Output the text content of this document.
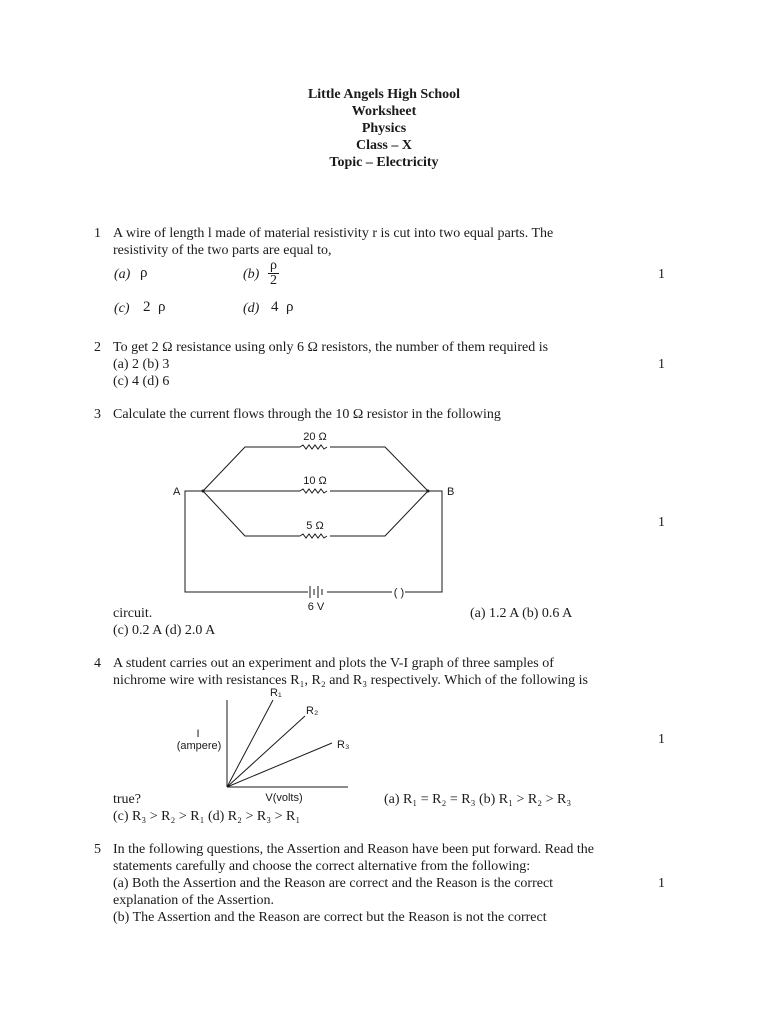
Little Angels High School
Worksheet
Physics
Class – X
Topic – Electricity
1 A wire of length l made of material resistivity r is cut into two equal parts. The
resistivity of the two parts are equal to,
(a) ρ	$(b) \frac{\rho}{2}$
(c) 2  ρ	(d) 4  ρ
1
2 To get 2 Ω resistance using only 6 Ω resistors, the number of them required is
(a) 2 (b) 3
(c) 4 (d) 6
1
3 Calculate the current flows through the 10 Ω resistor in the following
20 Ω
10 Ω
5 Ω
A	B
6 V
( )
circuit.	(a) 1.2 A (b) 0.6 A
(c) 0.2 A (d) 2.0 A
1
4 A student carries out an experiment and plots the V-I graph of three samples of
nichrome wire with resistances R₁, R₂ and R₃ respectively. Which of the following is
I
(ampere)
V(volts)
R₁
R₂
R₃
true?	(a) R₁ = R₂ = R₃ (b) R₁ > R₂ > R₃
(c) R₃ > R₂ > R₁ (d) R₂ > R₃ > R₁
1
5 In the following questions, the Assertion and Reason have been put forward. Read the
statements carefully and choose the correct alternative from the following:
(a) Both the Assertion and the Reason are correct and the Reason is the correct
explanation of the Assertion.
(b) The Assertion and the Reason are correct but the Reason is not the correct
1
